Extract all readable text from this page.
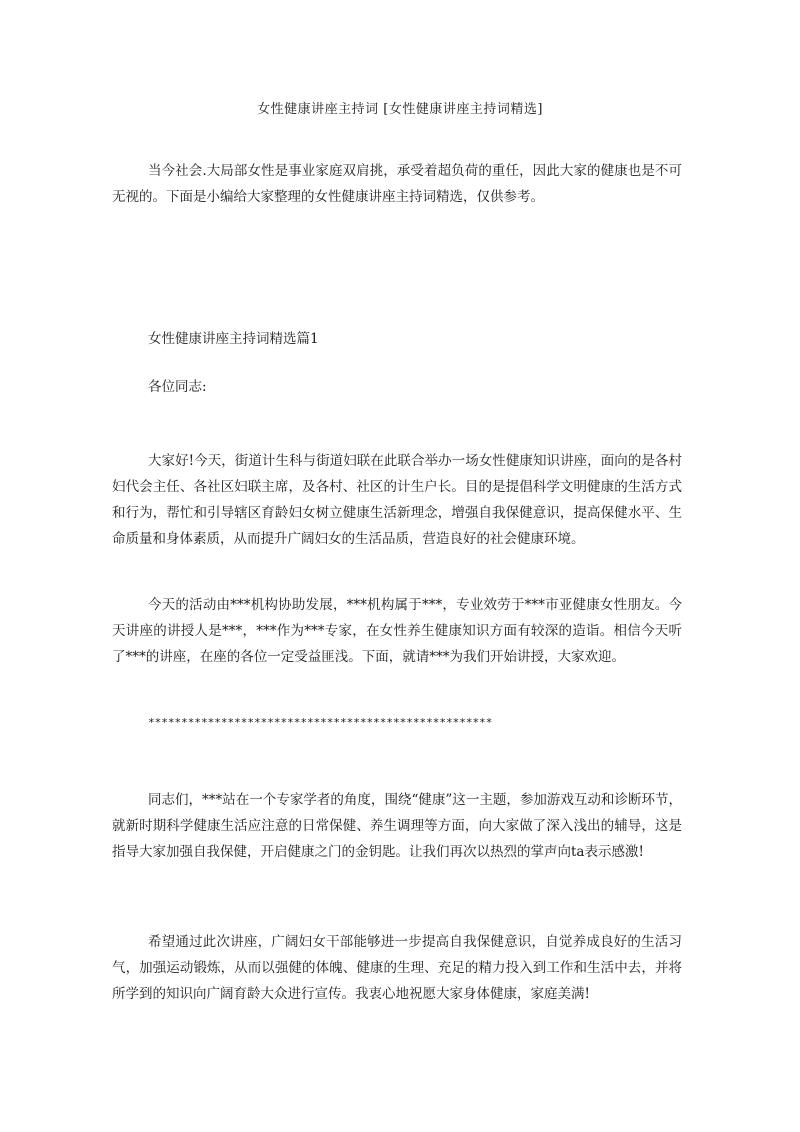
女性健康讲座主持词 [女性健康讲座主持词精选]

当今社会.大局部女性是事业家庭双肩挑，承受着超负荷的重任，因此大家的健康也是不可无视的。下面是小编给大家整理的女性健康讲座主持词精选，仅供参考。

女性健康讲座主持词精选篇1

各位同志:

大家好!今天，街道计生科与街道妇联在此联合举办一场女性健康知识讲座，面向的是各村妇代会主任、各社区妇联主席，及各村、社区的计生户长。目的是提倡科学文明健康的生活方式和行为，帮忙和引导辖区育龄妇女树立健康生活新理念，增强自我保健意识，提高保健水平、生命质量和身体素质，从而提升广阔妇女的生活品质，营造良好的社会健康环境。

今天的活动由***机构协助发展，***机构属于***，专业效劳于***市亚健康女性朋友。今天讲座的讲授人是***，***作为***专家，在女性养生健康知识方面有较深的造诣。相信今天听了***的讲座，在座的各位一定受益匪浅。下面，就请***为我们开始讲授，大家欢迎。

****************************************************

同志们，***站在一个专家学者的角度，围绕“健康”这一主题，参加游戏互动和诊断环节，就新时期科学健康生活应注意的日常保健、养生调理等方面，向大家做了深入浅出的辅导，这是指导大家加强自我保健，开启健康之门的金钥匙。让我们再次以热烈的掌声向ta表示感激!

希望通过此次讲座，广阔妇女干部能够进一步提高自我保健意识，自觉养成良好的生活习气，加强运动锻炼，从而以强健的体魄、健康的生理、充足的精力投入到工作和生活中去，并将所学到的知识向广阔育龄大众进行宣传。我衷心地祝愿大家身体健康，家庭美满!
